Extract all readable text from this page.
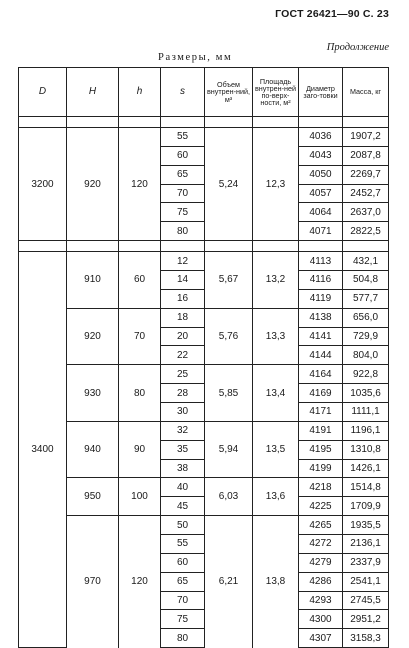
ГОСТ 26421—90 С. 23
Продолжение
Размеры, мм
D	H	h	s	Объем внутрен-ний, м³	Площадь внутрен-ней по-верх-ности, м²	Диаметр заго-товки	Масса, кг

3200	920	120	55	5,24	12,3	4036	1907,2
			60			4043	2087,8
			65			4050	2269,7
			70			4057	2452,7
			75			4064	2637,0
			80			4071	2822,5

3400	910	60	12	5,67	13,2	4113	432,1
			14			4116	504,8
			16			4119	577,7
	920	70	18	5,76	13,3	4138	656,0
			20			4141	729,9
			22			4144	804,0
	930	80	25	5,85	13,4	4164	922,8
			28			4169	1035,6
			30			4171	1111,1
	940	90	32	5,94	13,5	4191	1196,1
			35			4195	1310,8
			38			4199	1426,1
	950	100	40	6,03	13,6	4218	1514,8
			45			4225	1709,9
	970	120	50	6,21	13,8	4265	1935,5
			55			4272	2136,1
			60			4279	2337,9
			65			4286	2541,1
			70			4293	2745,5
			75			4300	2951,2
			80			4307	3158,3
